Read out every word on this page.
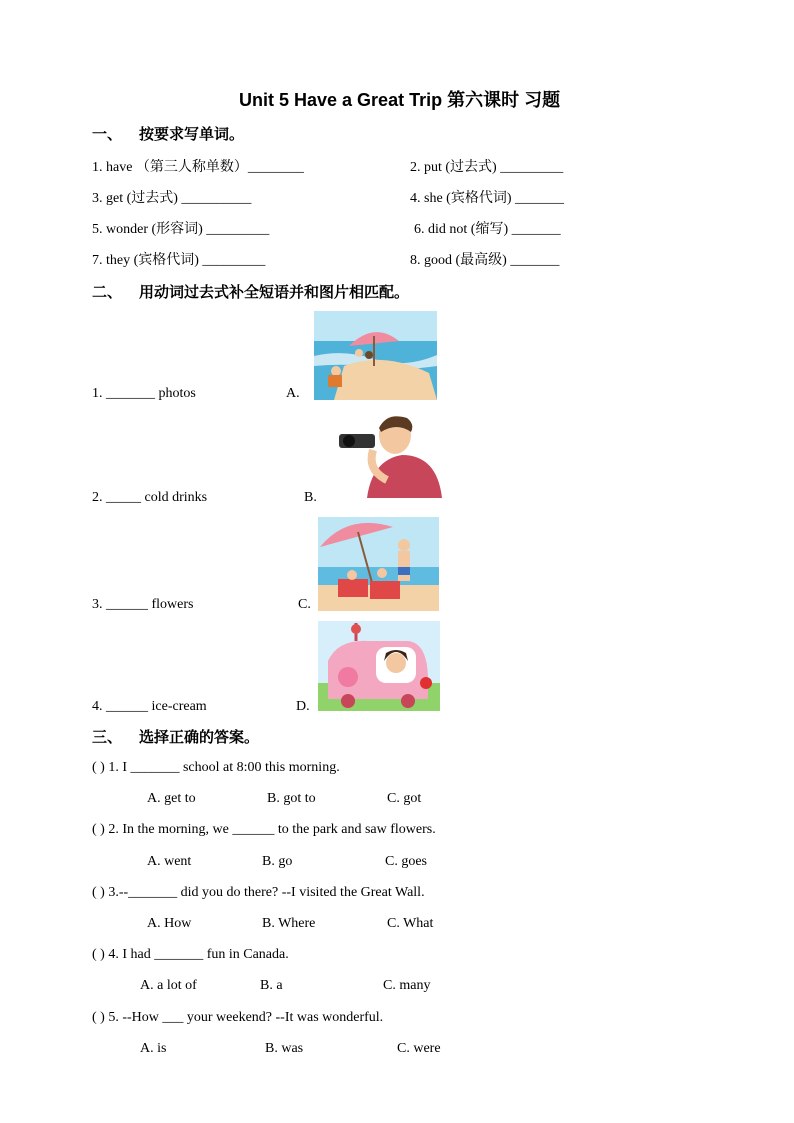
Unit 5 Have a Great Trip 第六课时 习题
一、 按要求写单词。
1. have （第三人称单数）________	2. put (过去式) _________
3. get (过去式) __________	4. she (宾格代词) _______
5. wonder (形容词) _________	6. did not (缩写) _______
7. they (宾格代词) _________	8. good (最高级) _______
二、 用动词过去式补全短语并和图片相匹配。
1. _______ photos	A.
2. _____ cold drinks	B.
3. ______ flowers	C.
4. ______ ice-cream	D.
三、 选择正确的答案。
( ) 1. I _______ school at 8:00 this morning.
A. get to	B. got to	C. got
( ) 2. In the morning, we ______ to the park and saw flowers.
A. went	B. go	C. goes
( ) 3.--_______ did you do there? --I visited the Great Wall.
A. How	B. Where	C. What
( ) 4. I had _______ fun in Canada.
A. a lot of	B. a	C. many
( ) 5. --How ___ your weekend? --It was wonderful.
A. is	B. was	C. were
